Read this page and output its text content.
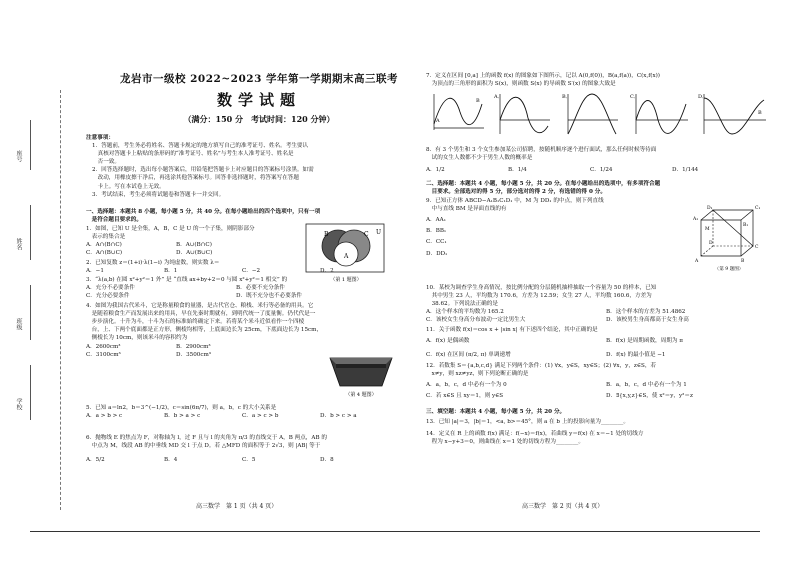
座号
姓名
班级
学校
龙岩市一级校 2022~2023 学年第一学期期末高三联考
数学试题
（满分：150 分　考试时间：120 分钟）
注意事项：
1．答题前，考生务必将姓名、答题卡规定的地方填写自己的准考证号、姓名。考生要认
　真核对答题卡上粘贴的条形码的“准考证号、姓名”与考生本人准考证号、姓名是
　否一致。
2．回答选择题时，选出每小题答案后，用铅笔把答题卡上对应题目的答案标号涂黑。如需
　改动，用橡皮擦干净后，再选涂其他答案标号。回答非选择题时，将答案写在答题
　卡上。写在本试卷上无效。
3．考试结束，考生必须将试题卷和答题卡一并交回。
一、选择题：本题共 8 小题，每小题 5 分，共 40 分。在每小题给出的四个选项中，只有一项
　是符合题目要求的。
1．如图，已知 U 是全集，A，B，C 是 U 的一个子集，则阴影部分
　表示的集合是
A．A∩(B∩C)	B．A∪(B∩C)
C．A∩(B∪C)	D．A∪(B∪C)
B	C
A
U
（第 1 题图）
2．已知复数 z＝(1+i)·λ(1−i) 为纯虚数，则实数 λ＝
A．−1	B．1	C．−2	D．2
3．“λ(a,b) 在圆 x²+y²＝1 外” 是 “直线 ax+by+2＝0 与圆 x²+y²＝1 相交” 的
A．充分不必要条件	B．必要不充分条件
C．充分必要条件	D．既不充分也不必要条件
4．如图为我国古代米斗，它是称量粮食的量器，是古代官仓、粮栈、米行等必备的用具。它
　是随着粮食生产而发展出来的用具，早在先秦时期就有，到明代统一了度量衡。仍代代是一
　步步演化。十升为斗，十斗为石的标准始终确定下来。若将某个米斗近似看作一个四棱
　台，上、下两个底面都是正方形，侧棱均相等，上底面边长为 25cm，下底面边长为 15cm，
　侧棱长为 10cm，则该米斗的容积约为
A．2600cm³	B．2900cm³
C．3100cm³	D．3500cm³
（第 4 题图）
5．已知 a＝ln2，b＝3^(−1/2)，c＝sin(6π/7)，则 a，b，c 的大小关系是
A．a > b > c	B．b > a > c	C．a > c > b	D．b > c > a
6．抛物线 E 的焦点为 F，对称轴为 l，过 F 且与 l 的夹角为 π/3 的直线交于 A，B 两点，AB 的
　中点为 M，线段 AB 的中垂线 MD 交 l 于点 D。若 △MFD 的面积等于 2√3，则 |AB| 等于
A．5/2	B．4	C．5	D．8
7．定义在区间 [0,a] 上的函数 f(x) 的图象如下图所示，记以 A(0,f(0))，B(a,f(a))，C(x,f(x))
　为顶点的三角形的面积为 S(x)，则函数 S(x) 的导函数 S′(x) 的图象大致是
B
A
A．	B．	C．	D．
B
8．有 3 个男生和 3 个女生参加某公司招聘，按随机顺序逐个进行面试，那么任何时候等待面
　试的女生人数都不少于男生人数的概率是
A．1/2	B．1/4	C．1/24	D．1/144
二、选择题：本题共 4 小题，每小题 5 分，共 20 分。在每小题给出的选项中，有多项符合题
　目要求。全部选对的得 5 分，部分选对的得 2 分，有选错的得 0 分。
9．已知正方体 ABCD−A₁B₁C₁D₁ 中，M 为 DD₁ 的中点，则下列直线
　中与直线 BM 是异面直线的有
A．AA₁
B．BB₁
C．CC₁
D．DD₁
D₁	C₁
A₁
B₁
M
D
C
A	B
（第 9 题图）
10．某校为调查学生身高情况，按比例分配的分层随机抽样抽取一个容量为 50 的样本，已知
　其中男生 23 人，平均数为 170.6，方差为 12.59；女生 27 人，平均数 160.6，方差为
　38.62。下列说法正确的是
A．这个样本的平均数为 165.2	B．这个样本的方差为 51.4862
C．该校女生身高分布波动一定比男生大	D．该校男生身高都高于女生身高
11．关于函数 f(x)＝cos x + |sin x| 有下述四个结论，其中正确的是
A．f(x) 是偶函数	B．f(x) 是周期函数，周期为 π
C．f(x) 在区间 (π/2, π) 单调递增	D．f(x) 的最小值是 −1
12．若数集 S＝{a,b,c,d} 满足下列两个条件：(1) ∀x，y∈S，xy∈S；(2) ∀x，y，z∈S，若
　x≠y，则 xz≠yz，则下列论断正确的是
A．a，b，c，d 中必有一个为 0	B．a，b，c，d 中必有一个为 1
C．若 x∈S 且 xy＝1，则 y∈S	D．∃{x,y,z}∈S，使 x²＝y，y²＝z
三、填空题：本题共 4 小题，每小题 5 分，共 20 分。
13．已知 |a|＝3，|b|＝1，<a, b>＝45°，则 a 在 b 上的投影向量为________。
14．定义在 R 上的函数 f(x) 满足：f(−x)＝f(x)，若曲线 y＝f(x) 在 x＝−1 处的切线方
　程为 x−y+3＝0，则曲线在 x＝1 处的切线方程为________。
高三数学　第 1 页（共 4 页）	高三数学　第 2 页（共 4 页）
